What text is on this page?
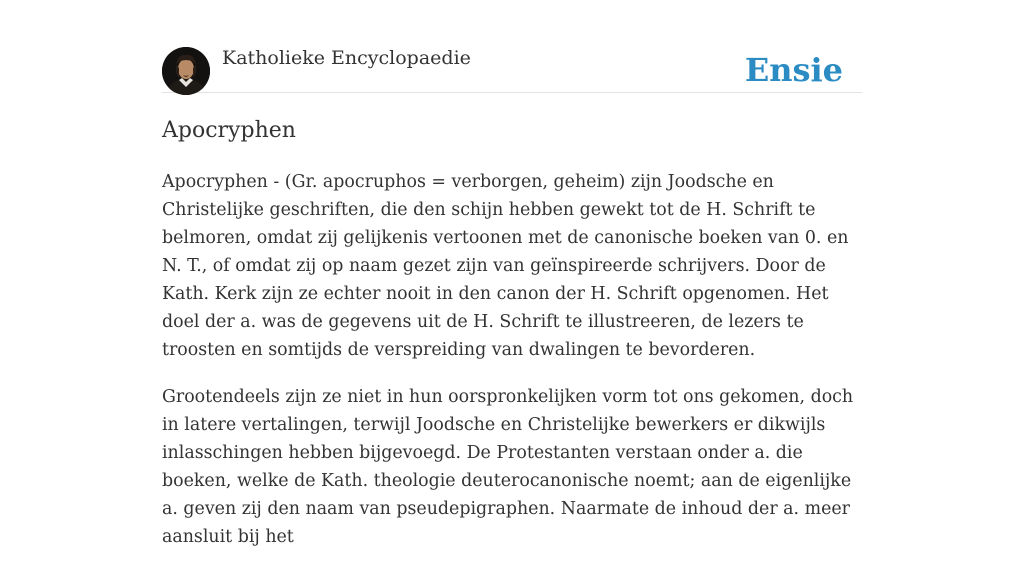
Katholieke Encyclopaedie	Ensie
Apocryphen

Apocryphen - (Gr. apocruphos = verborgen, geheim) zijn Joodsche en Christelijke geschriften, die den schijn hebben gewekt tot de H. Schrift te belmoren, omdat zij gelijkenis vertoonen met de canonische boeken van 0. en N. T., of omdat zij op naam gezet zijn van geïnspireerde schrijvers. Door de Kath. Kerk zijn ze echter nooit in den canon der H. Schrift opgenomen. Het doel der a. was de gegevens uit de H. Schrift te illustreeren, de lezers te troosten en somtijds de verspreiding van dwalingen te bevorderen.

Grootendeels zijn ze niet in hun oorspronkelijken vorm tot ons gekomen, doch in latere vertalingen, terwijl Joodsche en Christelijke bewerkers er dikwijls inlasschingen hebben bijgevoegd. De Protestanten verstaan onder a. die boeken, welke de Kath. theologie deuterocanonische noemt; aan de eigenlijke a. geven zij den naam van pseudepigraphen. Naarmate de inhoud der a. meer aansluit bij het
